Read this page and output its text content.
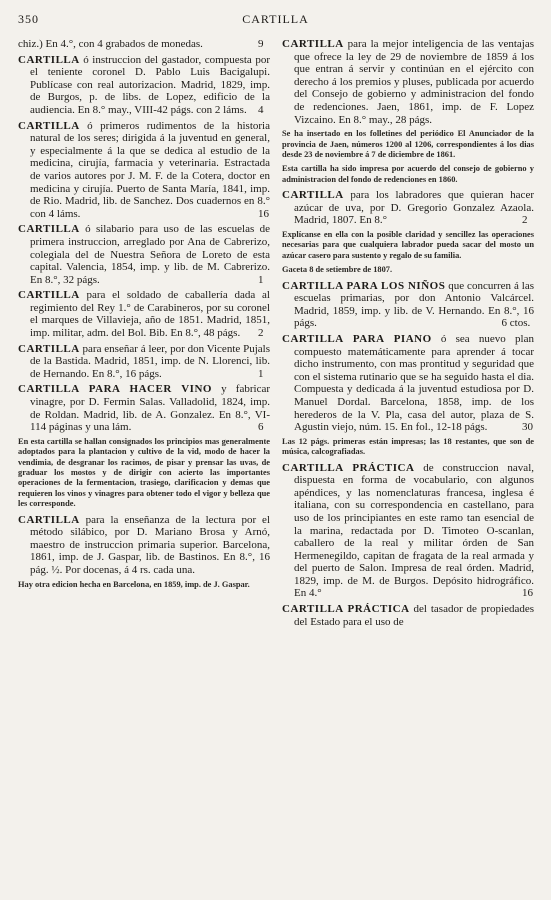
350	CARTILLA
chiz.) En 4.°, con 4 grabados de monedas.	9
CARTILLA ó instruccion del gastador, compuesta por el teniente coronel D. Pablo Luis Bacigalupi. Publícase con real autorizacion. Madrid, 1829, imp. de Burgos, p. de libs. de Lopez, edificio de la audiencia. En 8.° may., VIII-42 págs. con 2 láms. 4
CARTILLA ó primeros rudimentos de la historia natural de los seres; dirigida á la juventud en general, y especialmente á la que se dedica al estudio de la medicina, cirujía, farmacia y veterinaria. Estractada de varios autores por J. M. F. de la Cotera, doctor en medicina y cirujía. Puerto de Santa María, 1841, imp. de Rio. Madrid, lib. de Sanchez. Dos cuadernos en 8.° con 4 láms.	16
CARTILLA ó silabario para uso de las escuelas de primera instruccion, arreglado por Ana de Cabrerizo, colegiala del de Nuestra Señora de Loreto de esta capital. Valencia, 1854, imp. y lib. de M. Cabrerizo. En 8.°, 32 págs.	1
CARTILLA para el soldado de caballería dada al regimiento del Rey 1.° de Carabineros, por su coronel el marques de Villavieja, año de 1851. Madrid, 1851, imp. militar, adm. del Bol. Bib. En 8.°, 48 págs. 2
CARTILLA para enseñar á leer, por don Vicente Pujals de la Bastida. Madrid, 1851, imp. de N. Llorenci, lib. de Hernando. En 8.°, 16 págs.	1
CARTILLA PARA HACER VINO y fabricar vinagre, por D. Fermin Salas. Valladolid, 1824, imp. de Roldan. Madrid, lib. de A. Gonzalez. En 8.°, VI-114 páginas y una lám.	6
En esta cartilla se hallan consignados los principios mas generalmente adoptados para la plantacion y cultivo de la vid, modo de hacer la vendimia, de desgranar los racimos, de pisar y prensar las uvas, de graduar los mostos y de dirigir con acierto las importantes operaciones de la fermentacion, trasiego, clarificacion y demas que requieren los vinos y vinagres para obtener todo el vigor y belleza que les corresponde.
CARTILLA para la enseñanza de la lectura por el método silábico, por D. Mariano Brosa y Arnó, maestro de instruccion primaria superior. Barcelona, 1861, imp. de J. Gaspar, lib. de Bastinos. En 8.°, 16 pág. ½. Por docenas, á 4 rs. cada una.
Hay otra edicion hecha en Barcelona, en 1859, imp. de J. Gaspar.
CARTILLA para la mejor inteligencia de las ventajas que ofrece la ley de 29 de noviembre de 1859 á los que entran á servir y continúan en el ejército con derecho á los premios y pluses, publicada por acuerdo del Consejo de gobierno y administracion del fondo de redenciones. Jaen, 1861, imp. de F. Lopez Vizcaino. En 8.° may., 28 págs.
Se ha insertado en los folletines del periódico El Anunciador de la provincia de Jaen, números 1200 al 1206, correspondientes á los dias desde 23 de noviembre á 7 de diciembre de 1861.
Esta cartilla ha sido impresa por acuerdo del consejo de gobierno y administracion del fondo de redenciones en 1860.
CARTILLA para los labradores que quieran hacer azúcar de uva, por D. Gregorio Gonzalez Azaola. Madrid, 1807. En 8.°	2
Explícanse en ella con la posible claridad y sencillez las operaciones necesarias para que cualquiera labrador pueda sacar del mosto un azúcar casero para sustento y regalo de su familia.
Gaceta 8 de setiembre de 1807.
CARTILLA PARA LOS NIÑOS que concurren á las escuelas primarias, por don Antonio Valcárcel. Madrid, 1859, imp. y lib. de V. Hernando. En 8.°, 16 págs.	6 ctos.
CARTILLA PARA PIANO ó sea nuevo plan compuesto matemáticamente para aprender á tocar dicho instrumento, con mas prontitud y seguridad que con el sistema rutinario que se ha seguido hasta el dia. Compuesta y dedicada á la juventud estudiosa por D. Manuel Dordal. Barcelona, 1858, imp. de los herederos de la V. Pla, casa del autor, plaza de S. Agustin viejo, núm. 15. En fol., 12-18 págs.	30
Las 12 págs. primeras están impresas; las 18 restantes, que son de música, calcografiadas.
CARTILLA PRÁCTICA de construccion naval, dispuesta en forma de vocabulario, con algunos apéndices, y las nomenclaturas francesa, inglesa é italiana, con su correspondencia en castellano, para uso de los principiantes en este ramo tan esencial de la marina, redactada por D. Timoteo O-scanlan, caballero de la real y militar órden de San Hermenegildo, capitan de fragata de la real armada y del puerto de Salon. Impresa de real órden. Madrid, 1829, imp. de M. de Burgos. Depósito hidrográfico. En 4.°	16
CARTILLA PRÁCTICA del tasador de propiedades del Estado para el uso de
